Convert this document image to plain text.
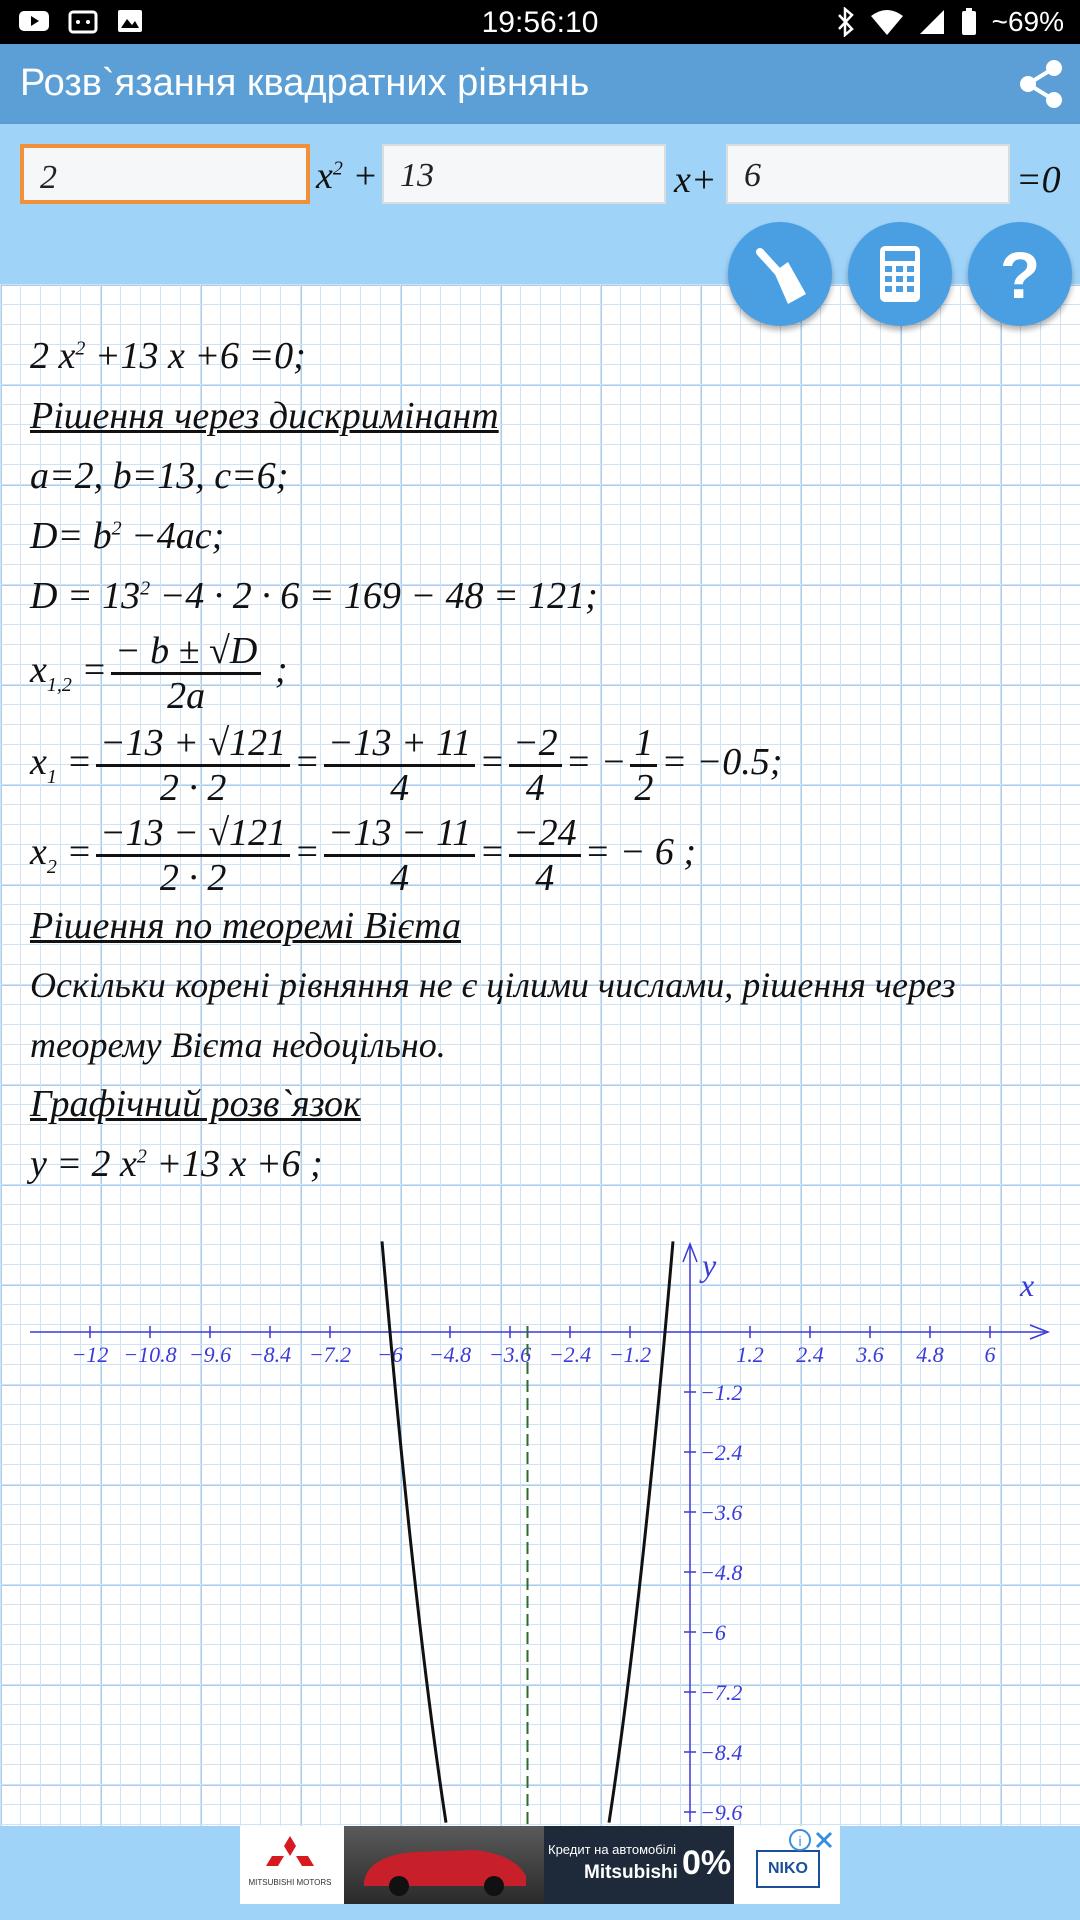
19:56:10	~69%
Розв`язання квадратних рівнянь
2	$x^2 + 13$	x+ 6	=0
2 $x^2 +13$ x +6 =0;
Рішення через дискримінант
a=2, b=13, c=6;
$D= b^2 -4ac$;
$D = 13^2 -4 \cdot 2 \cdot 6 = 169 - 48 = 121$;
$x_{1,2} = \frac{- b \pm √D}{2a}$ ;
$x_1 = \frac{-13 + √121}{2 \cdot 2} = \frac{-13 + 11}{4} = \frac{-2}{4}$ = − $\frac{1}{2} = -0.5$;
$x_2 = \frac{-13 - √121}{2 \cdot 2} = \frac{-13 - 11}{4} = \frac{-24}{4}$ = − 6 ;
Рішення по теоремі Вієта
Оскільки корені рівняння не є цілими числами, рішення через
теорему Вієта недоцільно.
Графічний розв`язок
y = 2 $x^2 +13$ x +6 ;
x
y
−12 −10.8 −9.6 −8.4 −7.2 −6 −4.8 −3.6 −2.4 −1.2	1.2 2.4 3.6 4.8 6
−1.2
−2.4
−3.6
−4.8
−6
−7.2
−8.4
−9.6
?
MITSUBISHI MOTORS
Кредит на автомобілі
Mitsubishi 0%	NIKO
i
